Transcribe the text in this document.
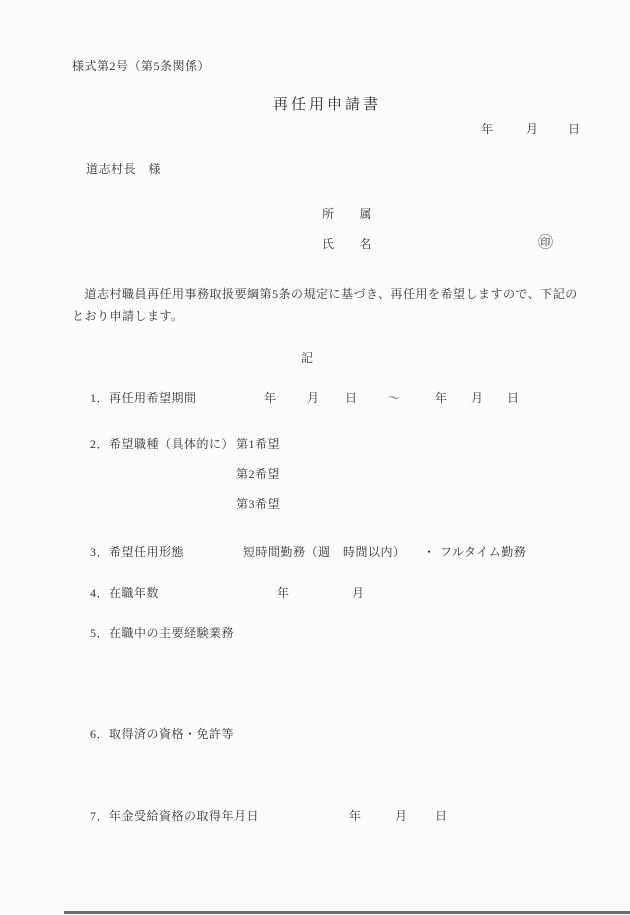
様式第2号（第5条関係）
再任用申請書
年	月 日
道志村長　様
所　　属
氏　　名	㊞
　道志村職員再任用事務取扱要綱第5条の規定に基づき、再任用を希望しますので、下記の
とおり申請します。
記
1．再任用希望期間	年	月 日	～	年 月 日
2．希望職種（具体的に） 第1希望
第2希望
第3希望
3．希望任用形態	短時間勤務（週 時間以内） ・ フルタイム勤務
4．在職年数	年	月
5．在職中の主要経験業務
6．取得済の資格・免許等
7．年金受給資格の取得年月日	年	月 日
